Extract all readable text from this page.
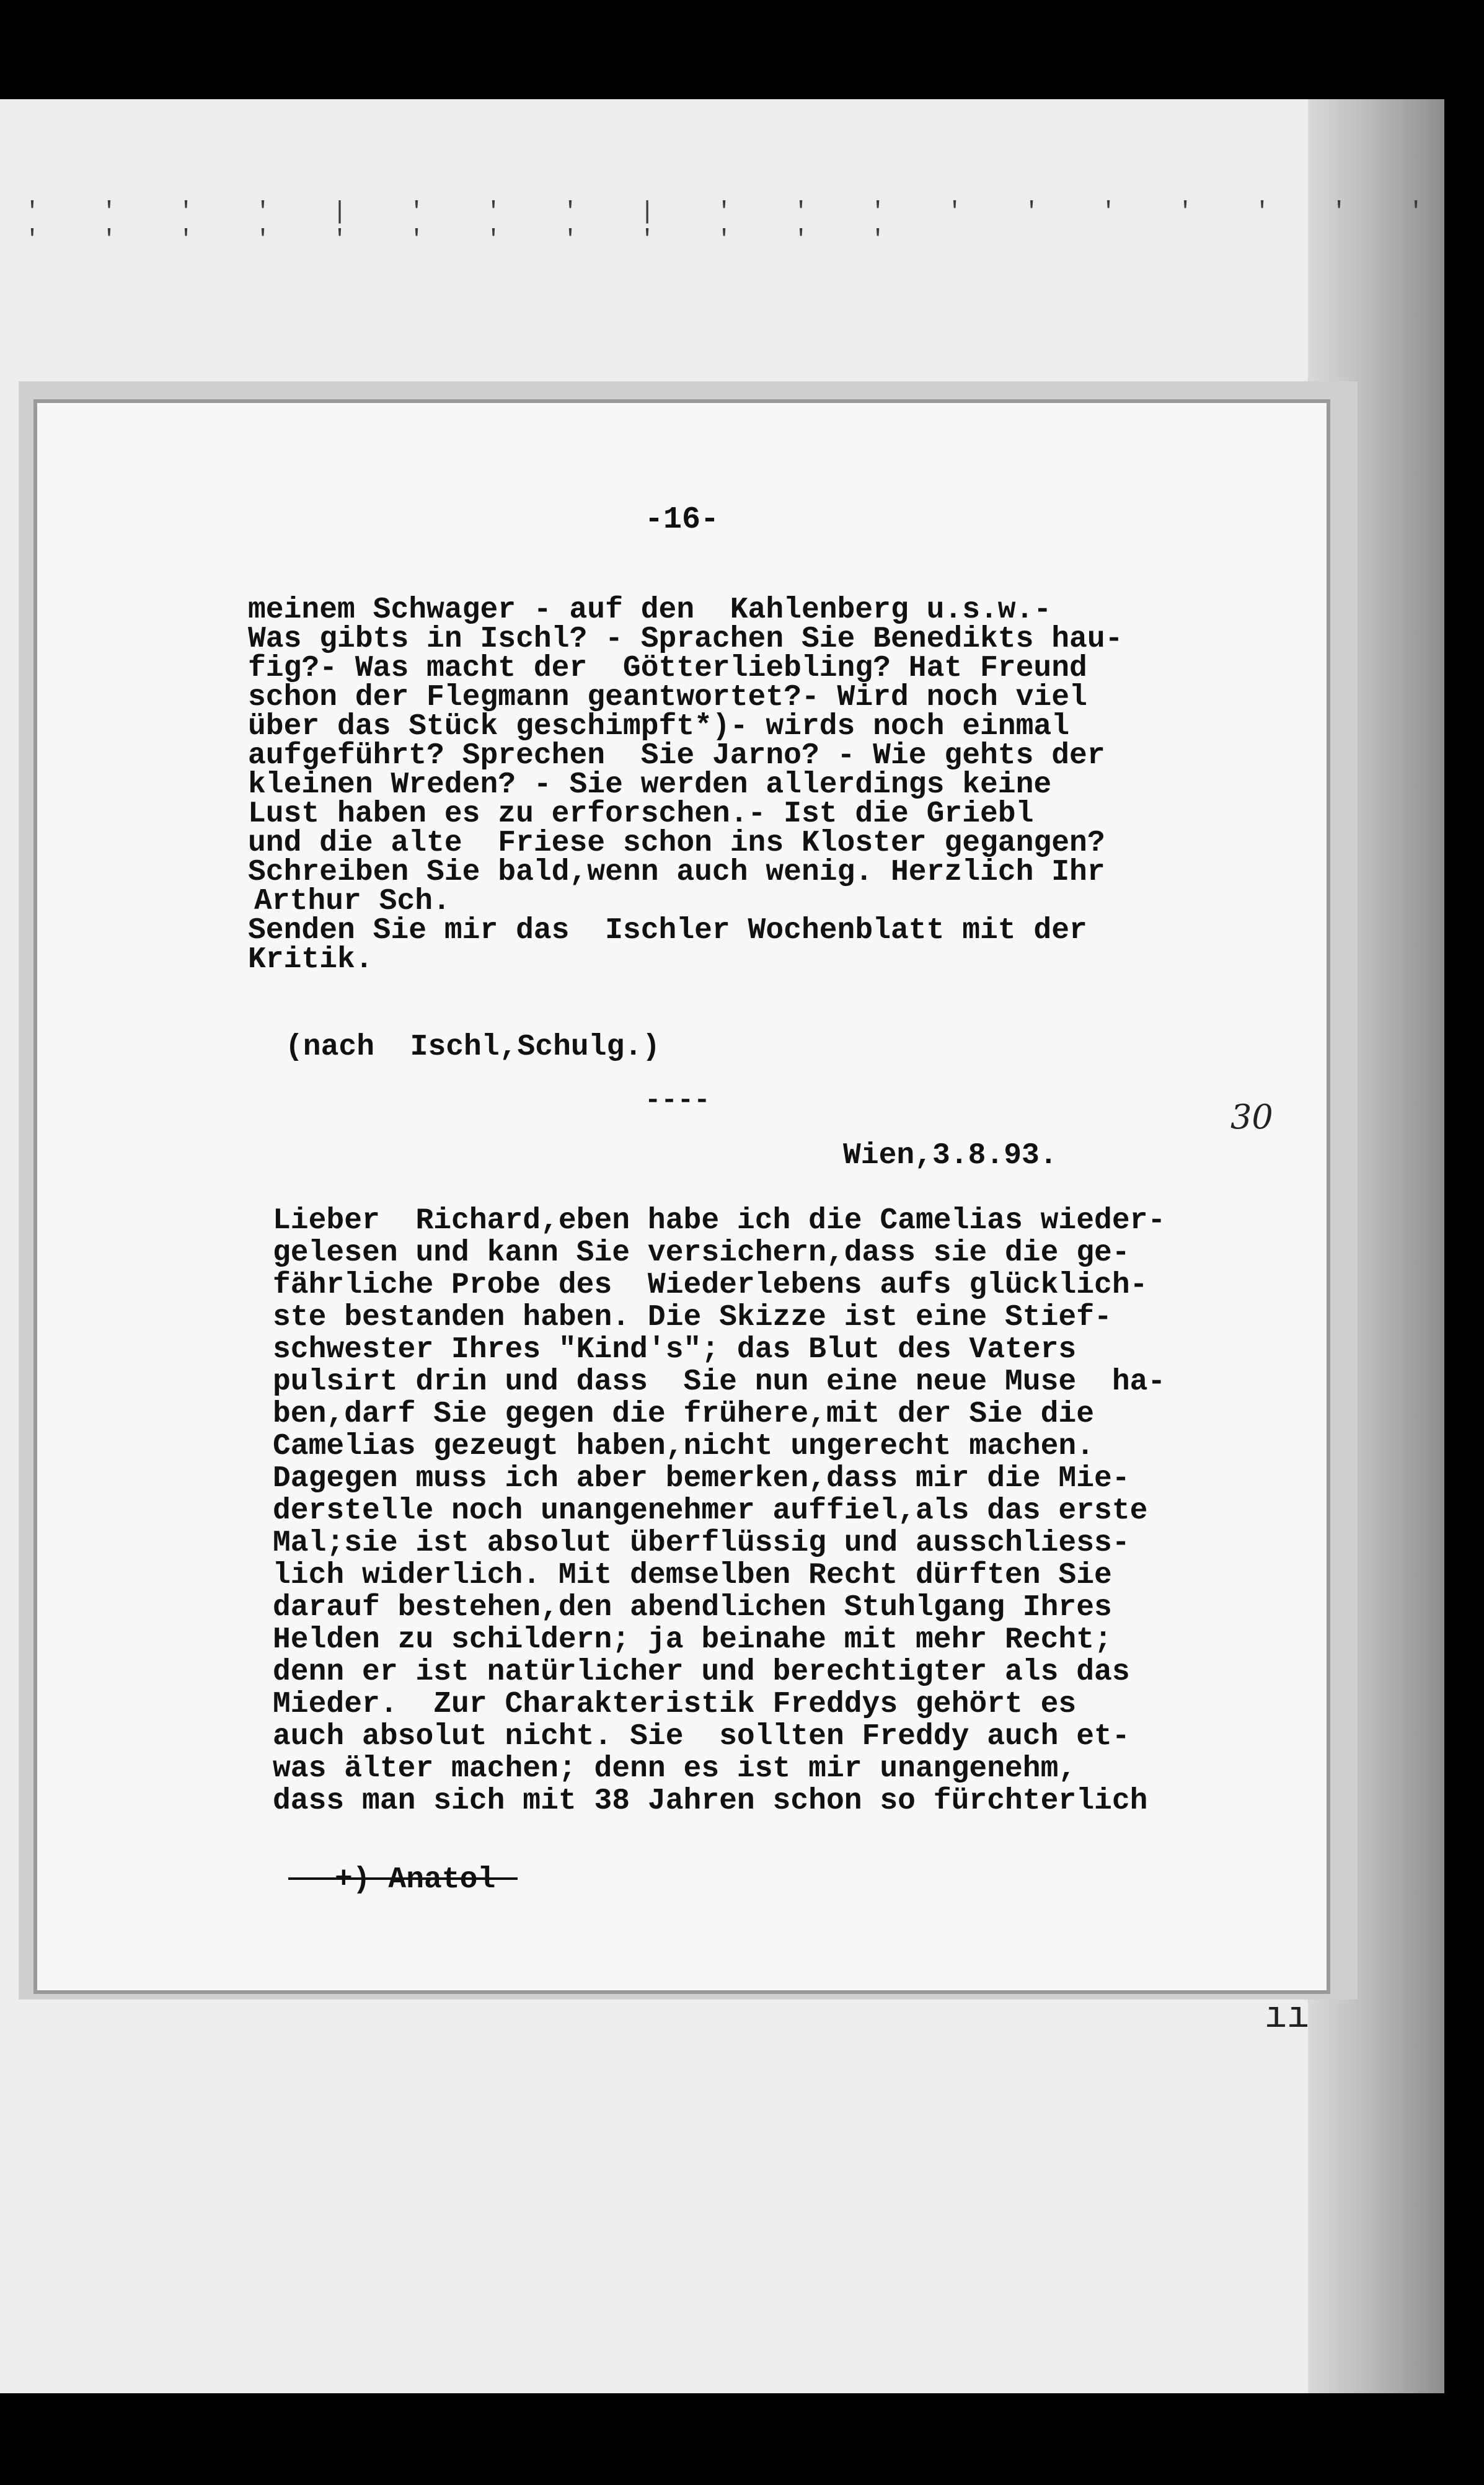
' ' ' ' | ' ' ' | ' ' ' ' ' ' ' ' ' ' ' ' ' ' ' ' ' ' ' ' ' '
ıı
-16-
meinem Schwager - auf den  Kahlenberg u.s.w.-
Was gibts in Ischl? - Sprachen Sie Benedikts hau-
fig?- Was macht der  Götterliebling? Hat Freund
schon der Flegmann geantwortet?- Wird noch viel
über das Stück geschimpft*)- wirds noch einmal
aufgeführt? Sprechen  Sie Jarno? - Wie gehts der
kleinen Wreden? - Sie werden allerdings keine
Lust haben es zu erforschen.- Ist die Griebl
und die alte  Friese schon ins Kloster gegangen?
Schreiben Sie bald,wenn auch wenig. Herzlich Ihr
Arthur Sch.
Senden Sie mir das  Ischler Wochenblatt mit der
Kritik.
(nach  Ischl,Schulg.)
----	30
Wien,3.8.93.
Lieber  Richard,eben habe ich die Camelias wieder-
gelesen und kann Sie versichern,dass sie die ge-
fährliche Probe des  Wiederlebens aufs glücklich-
ste bestanden haben. Die Skizze ist eine Stief-
schwester Ihres "Kind's"; das Blut des Vaters
pulsirt drin und dass  Sie nun eine neue Muse  ha-
ben,darf Sie gegen die frühere,mit der Sie die
Camelias gezeugt haben,nicht ungerecht machen.
Dagegen muss ich aber bemerken,dass mir die Mie-
derstelle noch unangenehmer auffiel,als das erste
Mal;sie ist absolut überflüssig und ausschliess-
lich widerlich. Mit demselben Recht dürften Sie
darauf bestehen,den abendlichen Stuhlgang Ihres
Helden zu schildern; ja beinahe mit mehr Recht;
denn er ist natürlicher und berechtigter als das
Mieder.  Zur Charakteristik Freddys gehört es
auch absolut nicht. Sie  sollten Freddy auch et-
was älter machen; denn es ist mir unangenehm,
dass man sich mit 38 Jahren schon so fürchterlich
+) Anatol
